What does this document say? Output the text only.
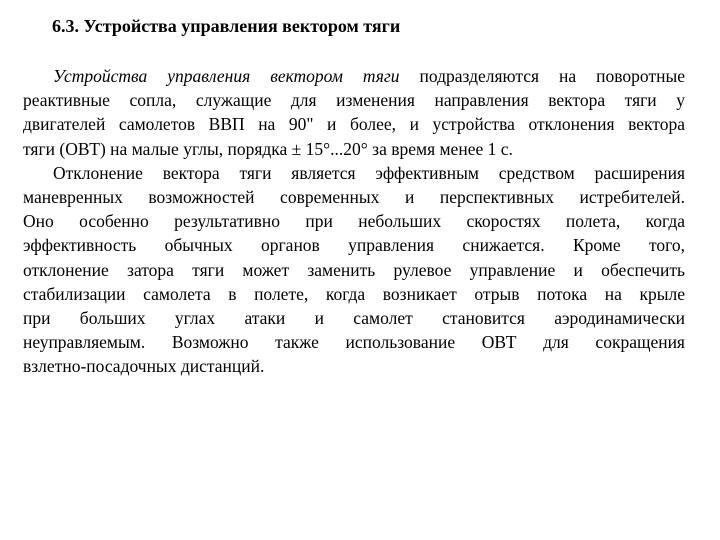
6.3. Устройства управления вектором тяги
Устройства управления вектором тяги подразделяются на поворотные
реактивные сопла, служащие для изменения направления вектора тяги у
двигателей самолетов ВВП на 90" и более, и устройства отклонения вектора
тяги (ОВТ) на малые углы, порядка ± 15°...20° за время менее 1 с.
Отклонение вектора тяги является эффективным средством расширения
маневренных возможностей современных и перспективных истребителей.
Оно особенно результативно при небольших скоростях полета, когда
эффективность обычных органов управления снижается. Кроме того,
отклонение затора тяги может заменить рулевое управление и обеспечить
стабилизации самолета в полете, когда возникает отрыв потока на крыле
при больших углах атаки и самолет становится аэродинамически
неуправляемым. Возможно также использование ОВТ для сокращения
взлетно-посадочных дистанций.
